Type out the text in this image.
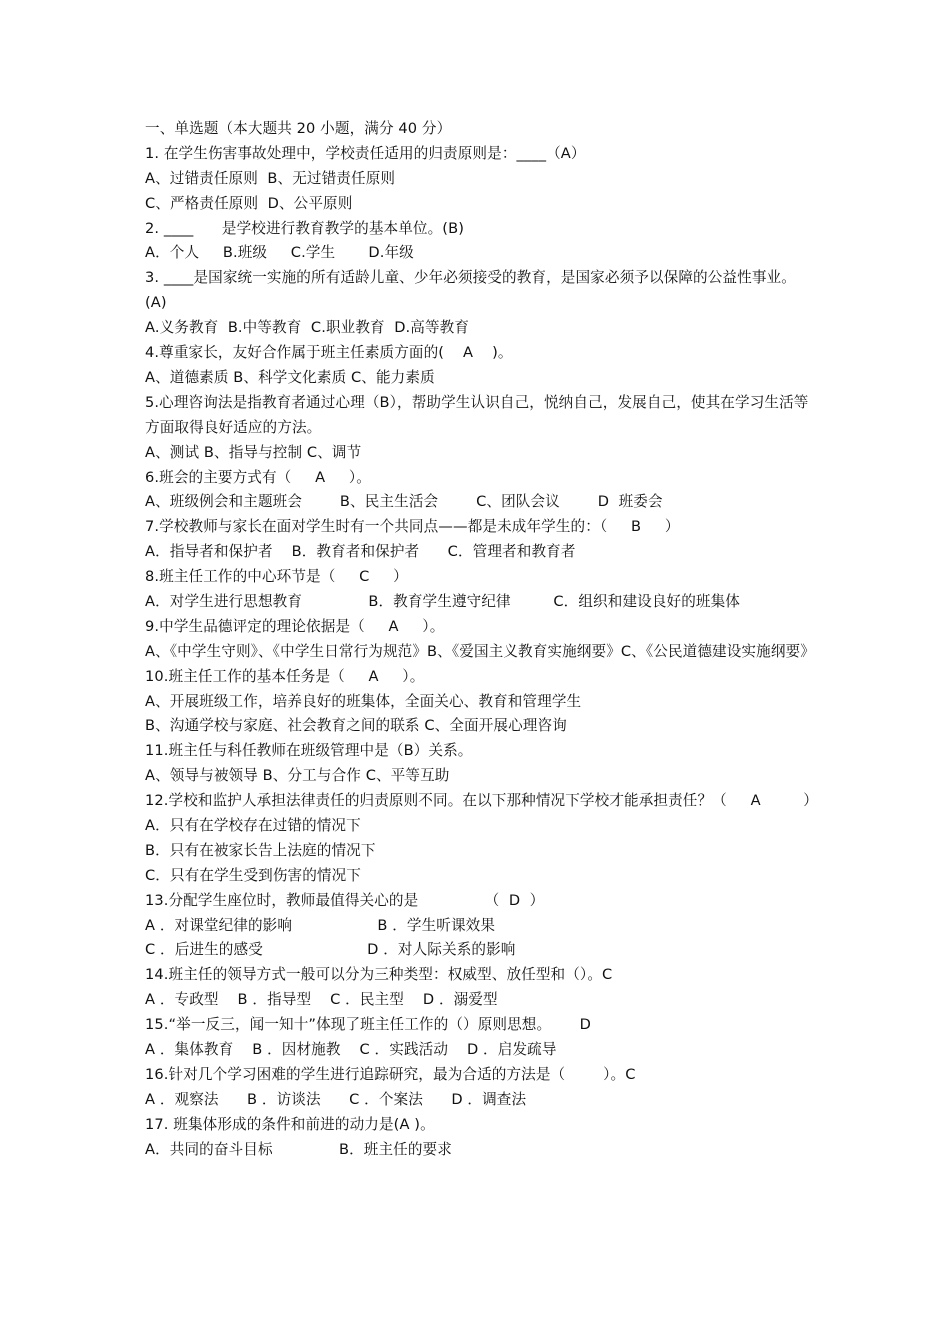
一、单选题（本大题共 20 小题，满分 40 分）
1. 在学生伤害事故处理中，学校责任适用的归责原则是：____（A）
A、过错责任原则  B、无过错责任原则
C、严格责任原则  D、公平原则
2. ____      是学校进行教育教学的基本单位。(B)
A．个人     B.班级     C.学生       D.年级
3. ____是国家统一实施的所有适龄儿童、少年必须接受的教育，是国家必须予以保障的公益性事业。(A)
A.义务教育  B.中等教育  C.职业教育  D.高等教育
4.尊重家长，友好合作属于班主任素质方面的(    A    )。
A、道德素质 B、科学文化素质 C、能力素质
5.心理咨询法是指教育者通过心理（B），帮助学生认识自己，悦纳自己，发展自己，使其在学习生活等方面取得良好适应的方法。
A、测试 B、指导与控制 C、调节
6.班会的主要方式有（     A     ）。
A、班级例会和主题班会        B、民主生活会        C、团队会议        D  班委会
7.学校教师与家长在面对学生时有一个共同点——都是未成年学生的：（     B     ）
A．指导者和保护者    B．教育者和保护者      C．管理者和教育者
8.班主任工作的中心环节是（     C     ）
A．对学生进行思想教育              B．教育学生遵守纪律         C．组织和建设良好的班集体
9.中学生品德评定的理论依据是（     A     ）。
A、《中学生守则》、《中学生日常行为规范》B、《爱国主义教育实施纲要》C、《公民道德建设实施纲要》
10.班主任工作的基本任务是（     A     ）。
A、开展班级工作，培养良好的班集体，全面关心、教育和管理学生
B、沟通学校与家庭、社会教育之间的联系 C、全面开展心理咨询
11.班主任与科任教师在班级管理中是（B）关系。
A、领导与被领导 B、分工与合作 C、平等互助
12.学校和监护人承担法律责任的归责原则不同。在以下那种情况下学校才能承担责任？（     A         ）
A．只有在学校存在过错的情况下
B．只有在被家长告上法庭的情况下
C．只有在学生受到伤害的情况下
13.分配学生座位时，教师最值得关心的是              （  D  ）
A ．对课堂纪律的影响                  B ．学生听课效果
C ．后进生的感受                      D ．对人际关系的影响
14.班主任的领导方式一般可以分为三种类型：权威型、放任型和（）。C
A ．专政型    B ．指导型    C ．民主型    D ．溺爱型
15.“举一反三，闻一知十”体现了班主任工作的（）原则思想。      D
A ．集体教育    B ．因材施教    C ．实践活动    D ．启发疏导
16.针对几个学习困难的学生进行追踪研究，最为合适的方法是（        ）。C
A ．观察法      B ．访谈法      C ．个案法      D ．调查法
17. 班集体形成的条件和前进的动力是(A )。
A．共同的奋斗目标              B．班主任的要求
